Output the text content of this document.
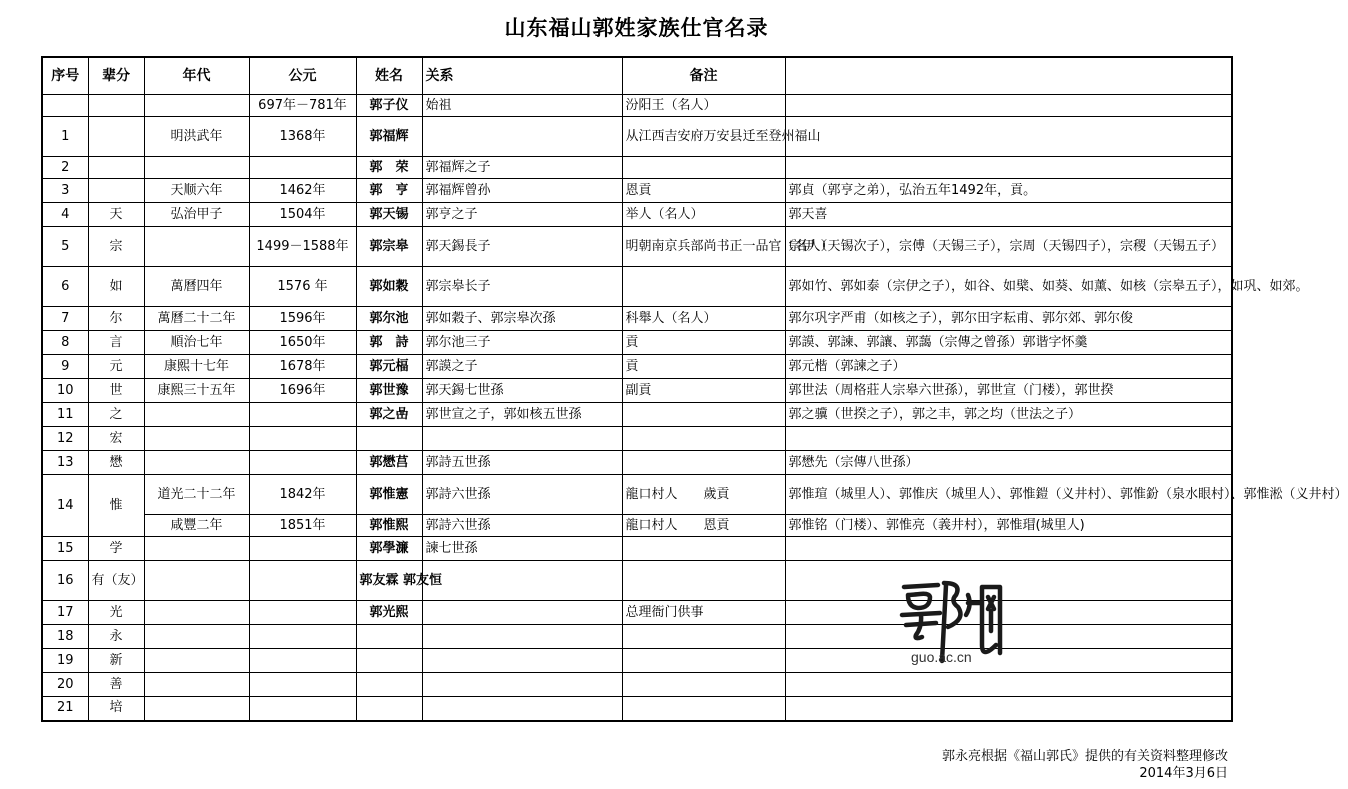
山东福山郭姓家族仕官名录
序号	辈分	年代	公元	姓名	关系	备注	
			697年－781年	郭子仪	始祖	汾阳王（名人）	
1		明洪武年	1368年	郭福辉		从江西吉安府万安县迁至登州福山	
2				郭　荣	郭福辉之子		
3		天顺六年	1462年	郭　亨	郭福辉曾孙	恩貢	郭貞（郭亨之弟），弘治五年1492年，貢。
4	天	弘治甲子	1504年	郭天锡	郭亨之子	举人（名人）	郭天喜
5	宗		1499－1588年	郭宗皋	郭天錫長子	明朝南京兵部尚书正一品官（名人）	宗伊（天锡次子），宗傅（天锡三子），宗周（天锡四子），宗稷（天锡五子）
6	如	萬曆四年	1576 年	郭如穀	郭宗皋长子		郭如竹、郭如泰（宗伊之子），如谷、如檗、如葵、如薰、如核（宗皋五子），如巩、如郊。
7	尔	萬曆二十二年	1596年	郭尔池	郭如穀子、郭宗皋次孫	科舉人（名人）	郭尔巩字严甫（如核之子），郭尔田字耘甫、郭尔郊、郭尔俊
8	言	順治七年	1650年	郭　詩	郭尔池三子	貢	郭謨、郭諫、郭讓、郭藹（宗傳之曾孫）郭谐字怀羹
9	元	康熙十七年	1678年	郭元楅	郭謨之子	貢	郭元楷（郭諫之子）
10	世	康熙三十五年	1696年	郭世豫	郭天錫七世孫	副貢	郭世法（周格莊人宗皋六世孫），郭世宣（门楼），郭世揆
11	之			郭之嵒	郭世宣之子，郭如核五世孫		郭之骥（世揆之子），郭之丰，郭之均（世法之子）
12	宏						
13	懋			郭懋莒	郭詩五世孫		郭懋先（宗傳八世孫）
14	惟	道光二十二年	1842年	郭惟憲	郭詩六世孫	龍口村人　　歲貢	郭惟瑄（城里人）、郭惟庆（城里人）、郭惟鎧（义井村）、郭惟鈖（泉水眼村）、郭惟淞（义井村）
		咸豐二年	1851年	郭惟熙	郭詩六世孫	龍口村人　　恩貢	郭惟铭（门楼）、郭惟亮（義井村），郭惟瑁(城里人)
15	学			郭學濂	諫七世孫		
16	有（友）			郭友霖 郭友恒			
17	光			郭光熙		总理衙门供事	
18	永						
19	新						
20	善						
21	培						
guo.ac.cn
郭永亮根据《福山郭氏》提供的有关资料整理修改
2014年3月6日
